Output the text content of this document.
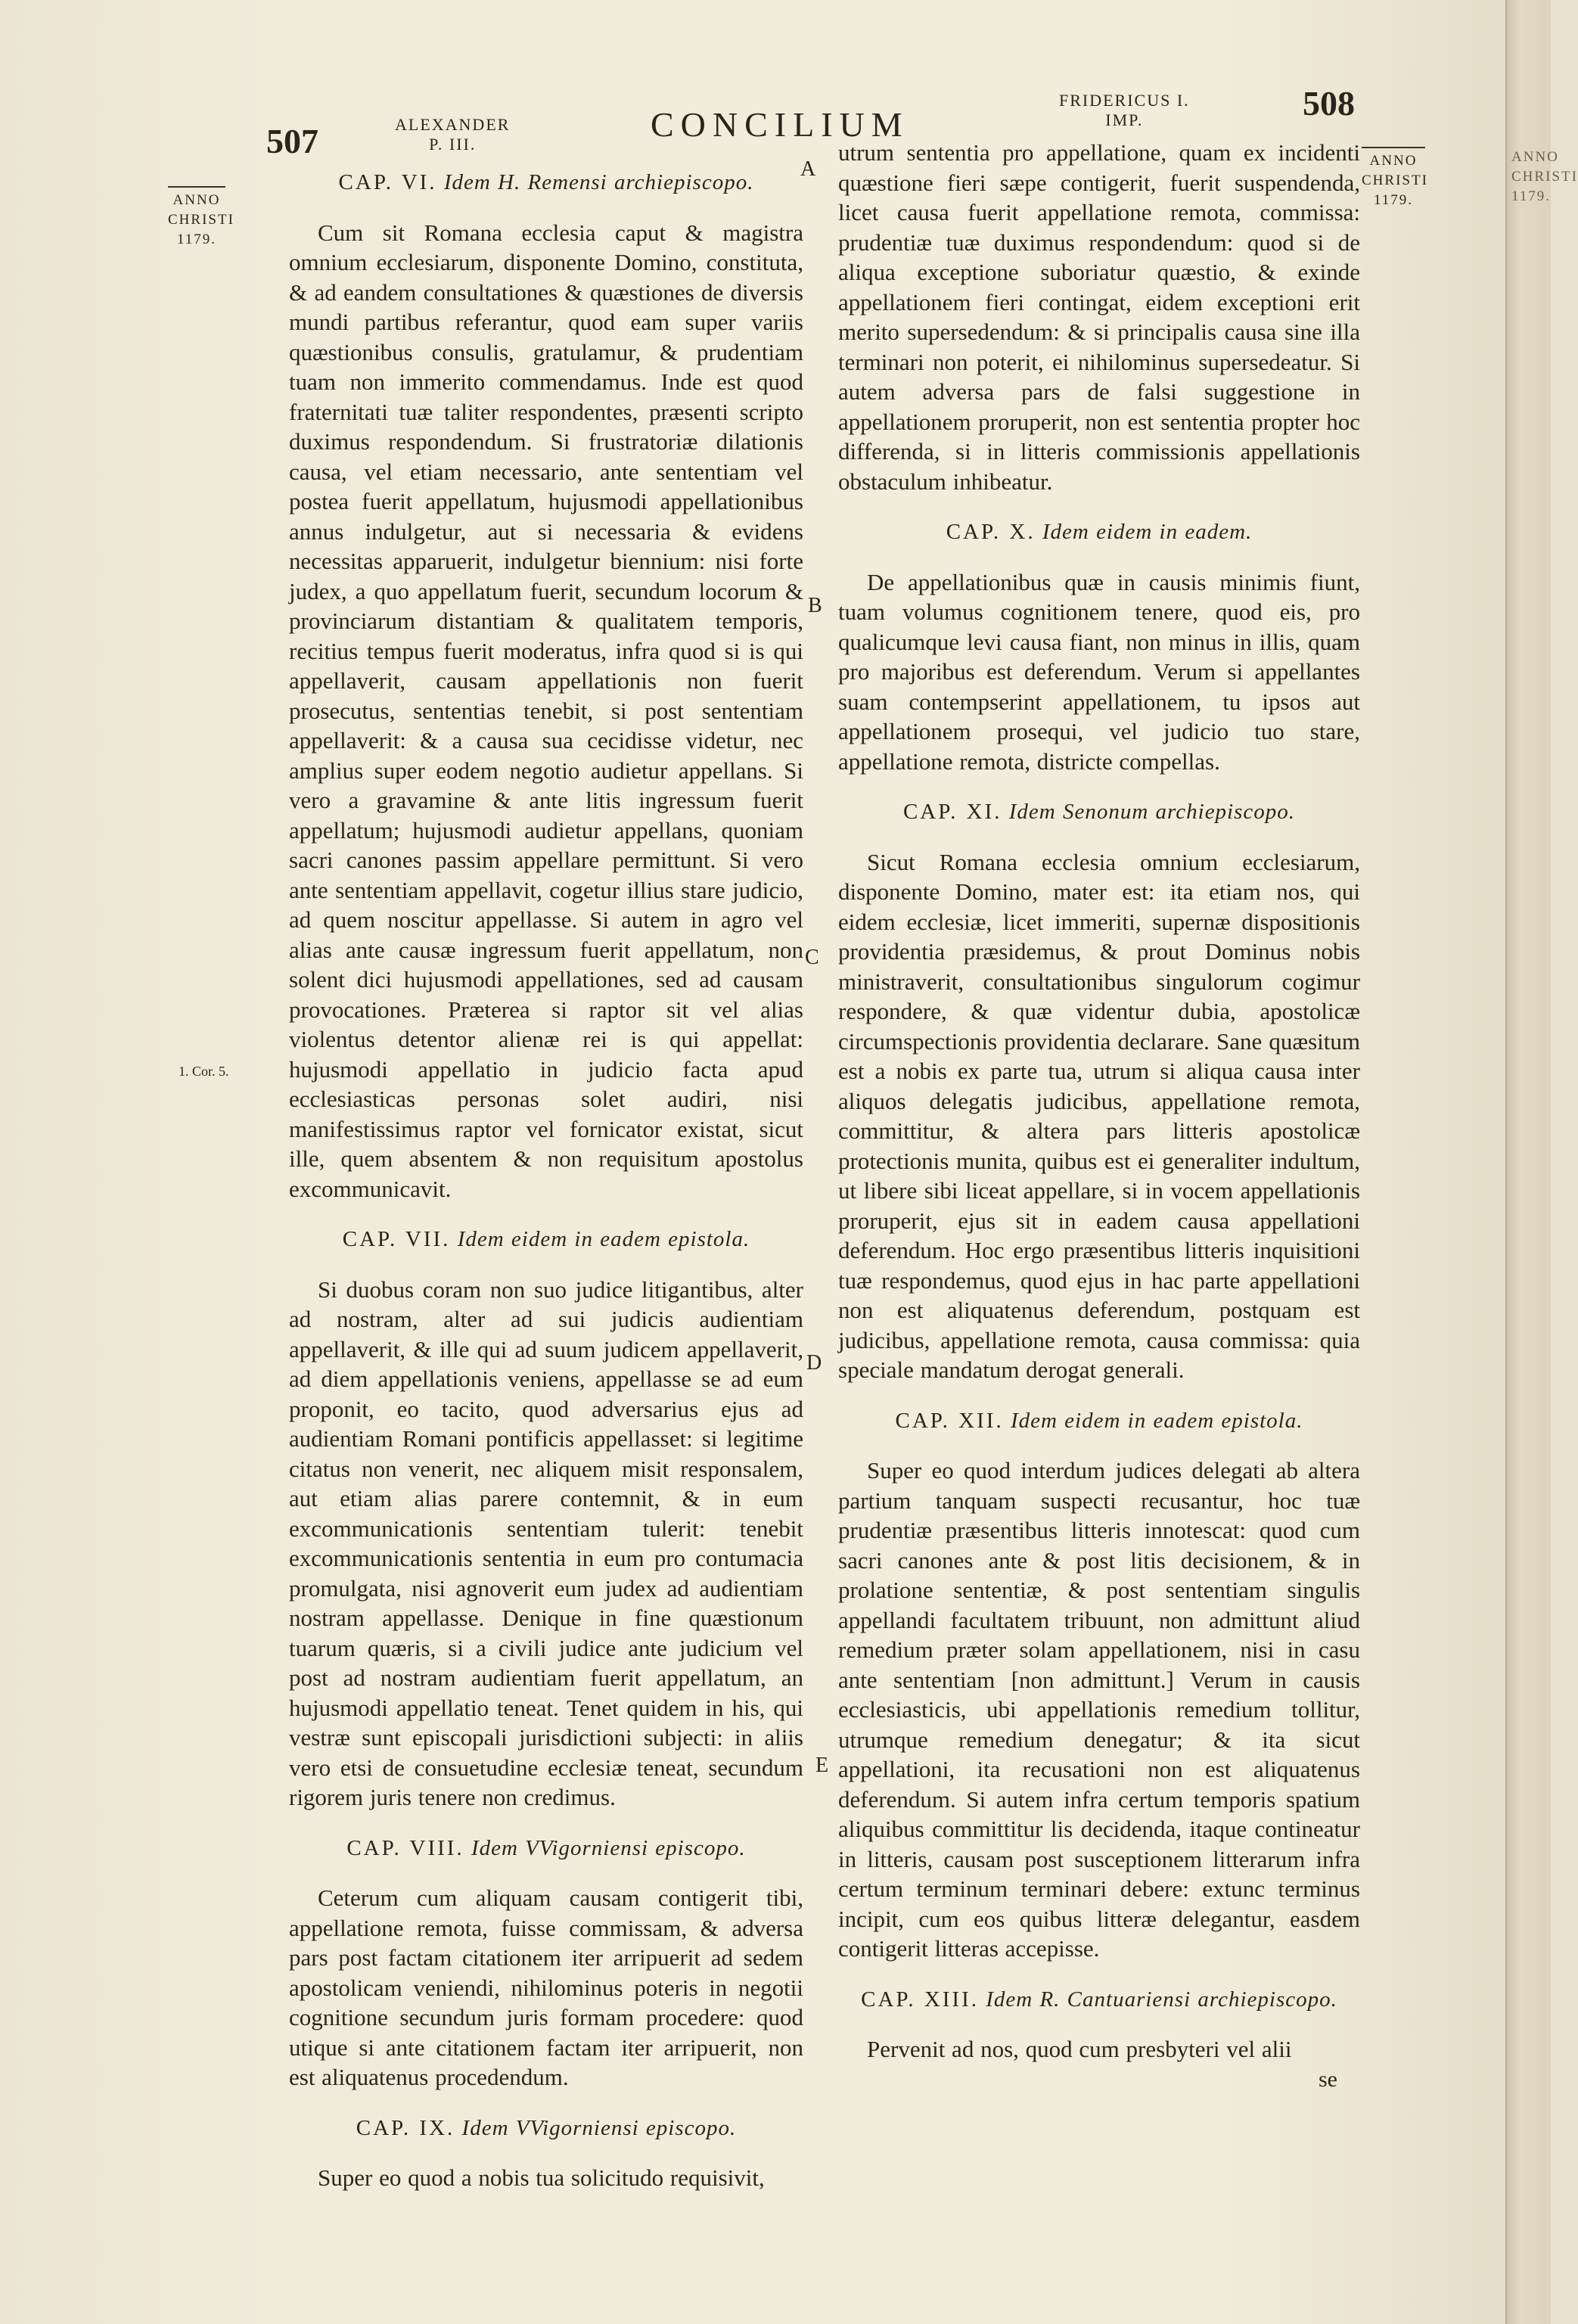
ANNO
CHRISTI
1179.
507	ALEXANDER
P. III.
CONCILIUM
FRIDERICUS I.
IMP.	508
ANNO
CHRISTI
1179.
ANNO
CHRISTI
1179.
1. Cor. 5.
A
B
C
D
E
CAP. VI. Idem H. Remensi archiepiscopo.

Cum sit Romana ecclesia caput & magistra omnium ecclesiarum, disponente Domino, constituta, & ad eandem consultationes & quæstiones de diversis mundi partibus referantur, quod eam super variis quæstionibus consulis, gratulamur, & prudentiam tuam non immerito commendamus. Inde est quod fraternitati tuæ taliter respondentes, præsenti scripto duximus respondendum. Si frustratoriæ dilationis causa, vel etiam necessario, ante sententiam vel postea fuerit appellatum, hujusmodi appellationibus annus indulgetur, aut si necessaria & evidens necessitas apparuerit, indulgetur biennium: nisi forte judex, a quo appellatum fuerit, secundum locorum & provinciarum distantiam & qualitatem temporis, recitius tempus fuerit moderatus, infra quod si is qui appellaverit, causam appellationis non fuerit prosecutus, sententias tenebit, si post sententiam appellaverit: & a causa sua cecidisse videtur, nec amplius super eodem negotio audietur appellans. Si vero a gravamine & ante litis ingressum fuerit appellatum; hujusmodi audietur appellans, quoniam sacri canones passim appellare permittunt. Si vero ante sententiam appellavit, cogetur illius stare judicio, ad quem noscitur appellasse. Si autem in agro vel alias ante causæ ingressum fuerit appellatum, non solent dici hujusmodi appellationes, sed ad causam provocationes. Præterea si raptor sit vel alias violentus detentor alienæ rei is qui appellat: hujusmodi appellatio in judicio facta apud ecclesiasticas personas solet audiri, nisi manifestissimus raptor vel fornicator existat, sicut ille, quem absentem & non requisitum apostolus excommunicavit.

CAP. VII. Idem eidem in eadem epistola.

Si duobus coram non suo judice litigantibus, alter ad nostram, alter ad sui judicis audientiam appellaverit, & ille qui ad suum judicem appellaverit, ad diem appellationis veniens, appellasse se ad eum proponit, eo tacito, quod adversarius ejus ad audientiam Romani pontificis appellasset: si legitime citatus non venerit, nec aliquem misit responsalem, aut etiam alias parere contemnit, & in eum excommunicationis sententiam tulerit: tenebit excommunicationis sententia in eum pro contumacia promulgata, nisi agnoverit eum judex ad audientiam nostram appellasse. Denique in fine quæstionum tuarum quæris, si a civili judice ante judicium vel post ad nostram audientiam fuerit appellatum, an hujusmodi appellatio teneat. Tenet quidem in his, qui vestræ sunt episcopali jurisdictioni subjecti: in aliis vero etsi de consuetudine ecclesiæ teneat, secundum rigorem juris tenere non credimus.

CAP. VIII. Idem VVigorniensi episcopo.

Ceterum cum aliquam causam contigerit tibi, appellatione remota, fuisse commissam, & adversa pars post factam citationem iter arripuerit ad sedem apostolicam veniendi, nihilominus poteris in negotii cognitione secundum juris formam procedere: quod utique si ante citationem factam iter arripuerit, non est aliquatenus procedendum.

CAP. IX. Idem VVigorniensi episcopo.

Super eo quod a nobis tua solicitudo requisivit,

utrum sententia pro appellatione, quam ex incidenti quæstione fieri sæpe contigerit, fuerit suspendenda, licet causa fuerit appellatione remota, commissa: prudentiæ tuæ duximus respondendum: quod si de aliqua exceptione suboriatur quæstio, & exinde appellationem fieri contingat, eidem exceptioni erit merito supersedendum: & si principalis causa sine illa terminari non poterit, ei nihilominus supersedeatur. Si autem adversa pars de falsi suggestione in appellationem proruperit, non est sententia propter hoc differenda, si in litteris commissionis appellationis obstaculum inhibeatur.

CAP. X. Idem eidem in eadem.

De appellationibus quæ in causis minimis fiunt, tuam volumus cognitionem tenere, quod eis, pro qualicumque levi causa fiant, non minus in illis, quam pro majoribus est deferendum. Verum si appellantes suam contempserint appellationem, tu ipsos aut appellationem prosequi, vel judicio tuo stare, appellatione remota, districte compellas.

CAP. XI. Idem Senonum archiepiscopo.

Sicut Romana ecclesia omnium ecclesiarum, disponente Domino, mater est: ita etiam nos, qui eidem ecclesiæ, licet immeriti, supernæ dispositionis providentia præsidemus, & prout Dominus nobis ministraverit, consultationibus singulorum cogimur respondere, & quæ videntur dubia, apostolicæ circumspectionis providentia declarare. Sane quæsitum est a nobis ex parte tua, utrum si aliqua causa inter aliquos delegatis judicibus, appellatione remota, committitur, & altera pars litteris apostolicæ protectionis munita, quibus est ei generaliter indultum, ut libere sibi liceat appellare, si in vocem appellationis proruperit, ejus sit in eadem causa appellationi deferendum. Hoc ergo præsentibus litteris inquisitioni tuæ respondemus, quod ejus in hac parte appellationi non est aliquatenus deferendum, postquam est judicibus, appellatione remota, causa commissa: quia speciale mandatum derogat generali.

CAP. XII. Idem eidem in eadem epistola.

Super eo quod interdum judices delegati ab altera partium tanquam suspecti recusantur, hoc tuæ prudentiæ præsentibus litteris innotescat: quod cum sacri canones ante & post litis decisionem, & in prolatione sententiæ, & post sententiam singulis appellandi facultatem tribuunt, non admittunt aliud remedium præter solam appellationem, nisi in casu ante sententiam [non admittunt.] Verum in causis ecclesiasticis, ubi appellationis remedium tollitur, utrumque remedium denegatur; & ita sicut appellationi, ita recusationi non est aliquatenus deferendum. Si autem infra certum temporis spatium aliquibus committitur lis decidenda, itaque contineatur in litteris, causam post susceptionem litterarum infra certum terminum terminari debere: extunc terminus incipit, cum eos quibus litteræ delegantur, easdem contigerit litteras accepisse.

CAP. XIII. Idem R. Cantuariensi archiepiscopo.

Pervenit ad nos, quod cum presbyteri vel alii

se
